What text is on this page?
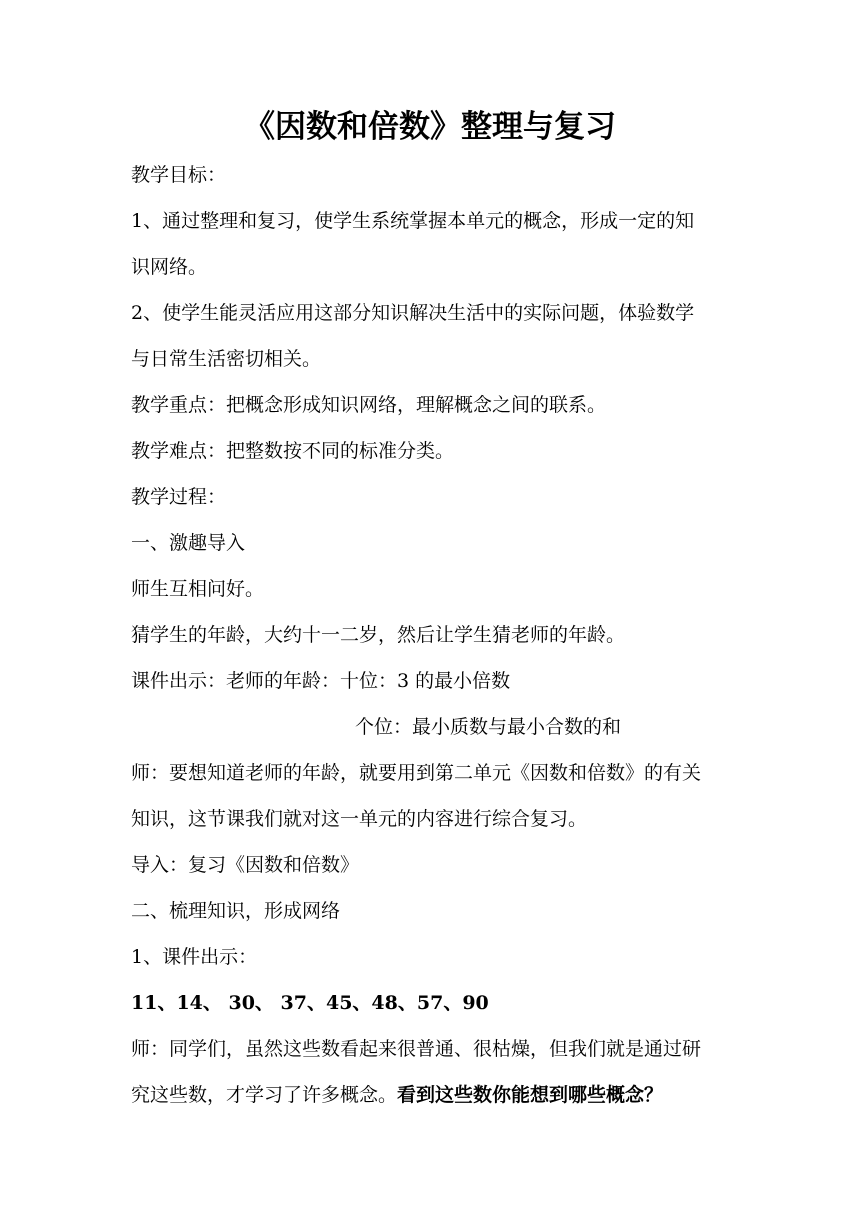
《因数和倍数》整理与复习
教学目标：
1、通过整理和复习，使学生系统掌握本单元的概念，形成一定的知
识网络。
2、使学生能灵活应用这部分知识解决生活中的实际问题，体验数学
与日常生活密切相关。
教学重点：把概念形成知识网络，理解概念之间的联系。
教学难点：把整数按不同的标准分类。
教学过程：
一、激趣导入
师生互相问好。
猜学生的年龄，大约十一二岁，然后让学生猜老师的年龄。
课件出示：老师的年龄：十位：3 的最小倍数
个位：最小质数与最小合数的和
师：要想知道老师的年龄，就要用到第二单元《因数和倍数》的有关
知识，这节课我们就对这一单元的内容进行综合复习。
导入：复习《因数和倍数》
二、梳理知识，形成网络
1、课件出示：
11、14、 30、 37、45、48、57、90
师：同学们，虽然这些数看起来很普通、很枯燥，但我们就是通过研
究这些数，才学习了许多概念。看到这些数你能想到哪些概念？
